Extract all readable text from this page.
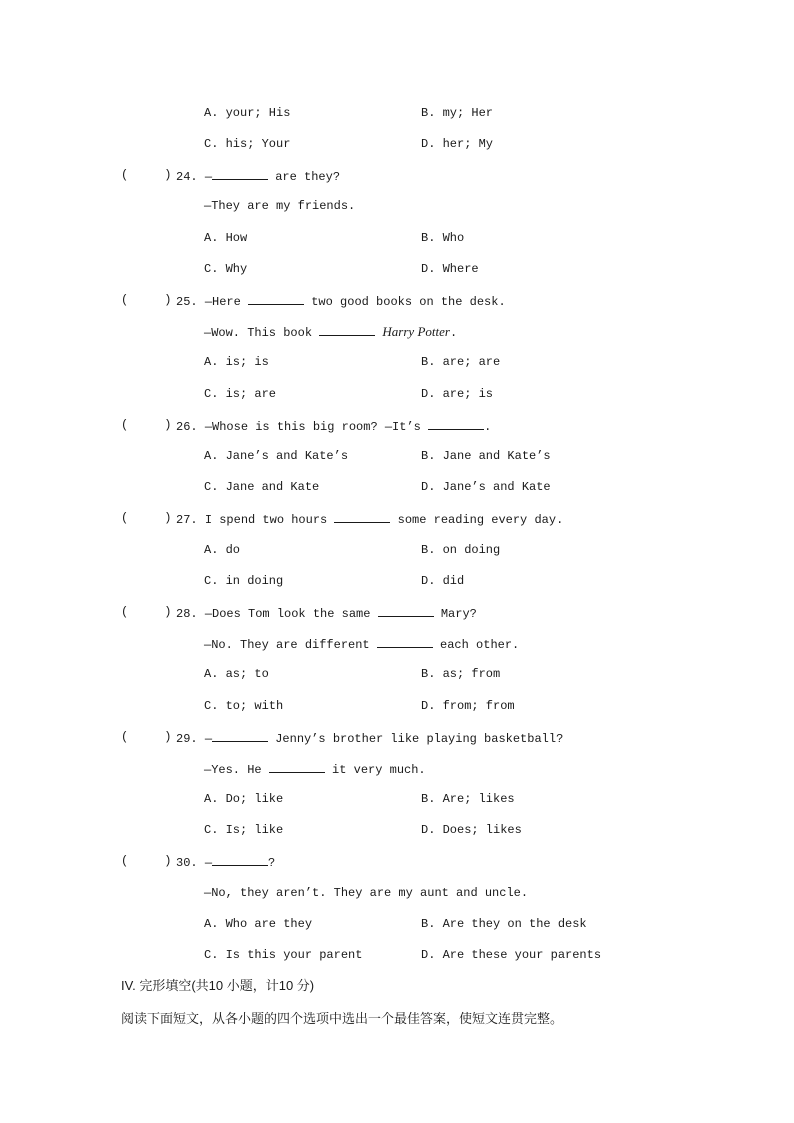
A. your; His	B. my; Her
C. his; Your	D. her; My
(     ) 24. —	are they?
—They are my friends.
A. How	B. Who
C. Why	D. Where
(     ) 25. —Here	two good books on the desk.
—Wow. This book	Harry Potter.
A. is; is	B. are; are
C. is; are	D. are; is
(     ) 26. —Whose is this big room? —It’s	.
A. Jane’s and Kate’s	B. Jane and Kate’s
C. Jane and Kate	D. Jane’s and Kate
(     ) 27. I spend two hours	some reading every day.
A. do	B. on doing
C. in doing	D. did
(     ) 28. —Does Tom look the same	Mary?
—No. They are different	each other.
A. as; to	B. as; from
C. to; with	D. from; from
(     ) 29. —	Jenny’s brother like playing basketball?
—Yes. He	it very much.
A. Do; like	B. Are; likes
C. Is; like	D. Does; likes
(     ) 30. —	?
—No, they aren’t. They are my aunt and uncle.
A. Who are they	B. Are they on the desk
C. Is this your parent	D. Are these your parents
IV. 完形填空(共10 小题，计10 分)
阅读下面短文，从各小题的四个选项中选出一个最佳答案，使短文连贯完整。
